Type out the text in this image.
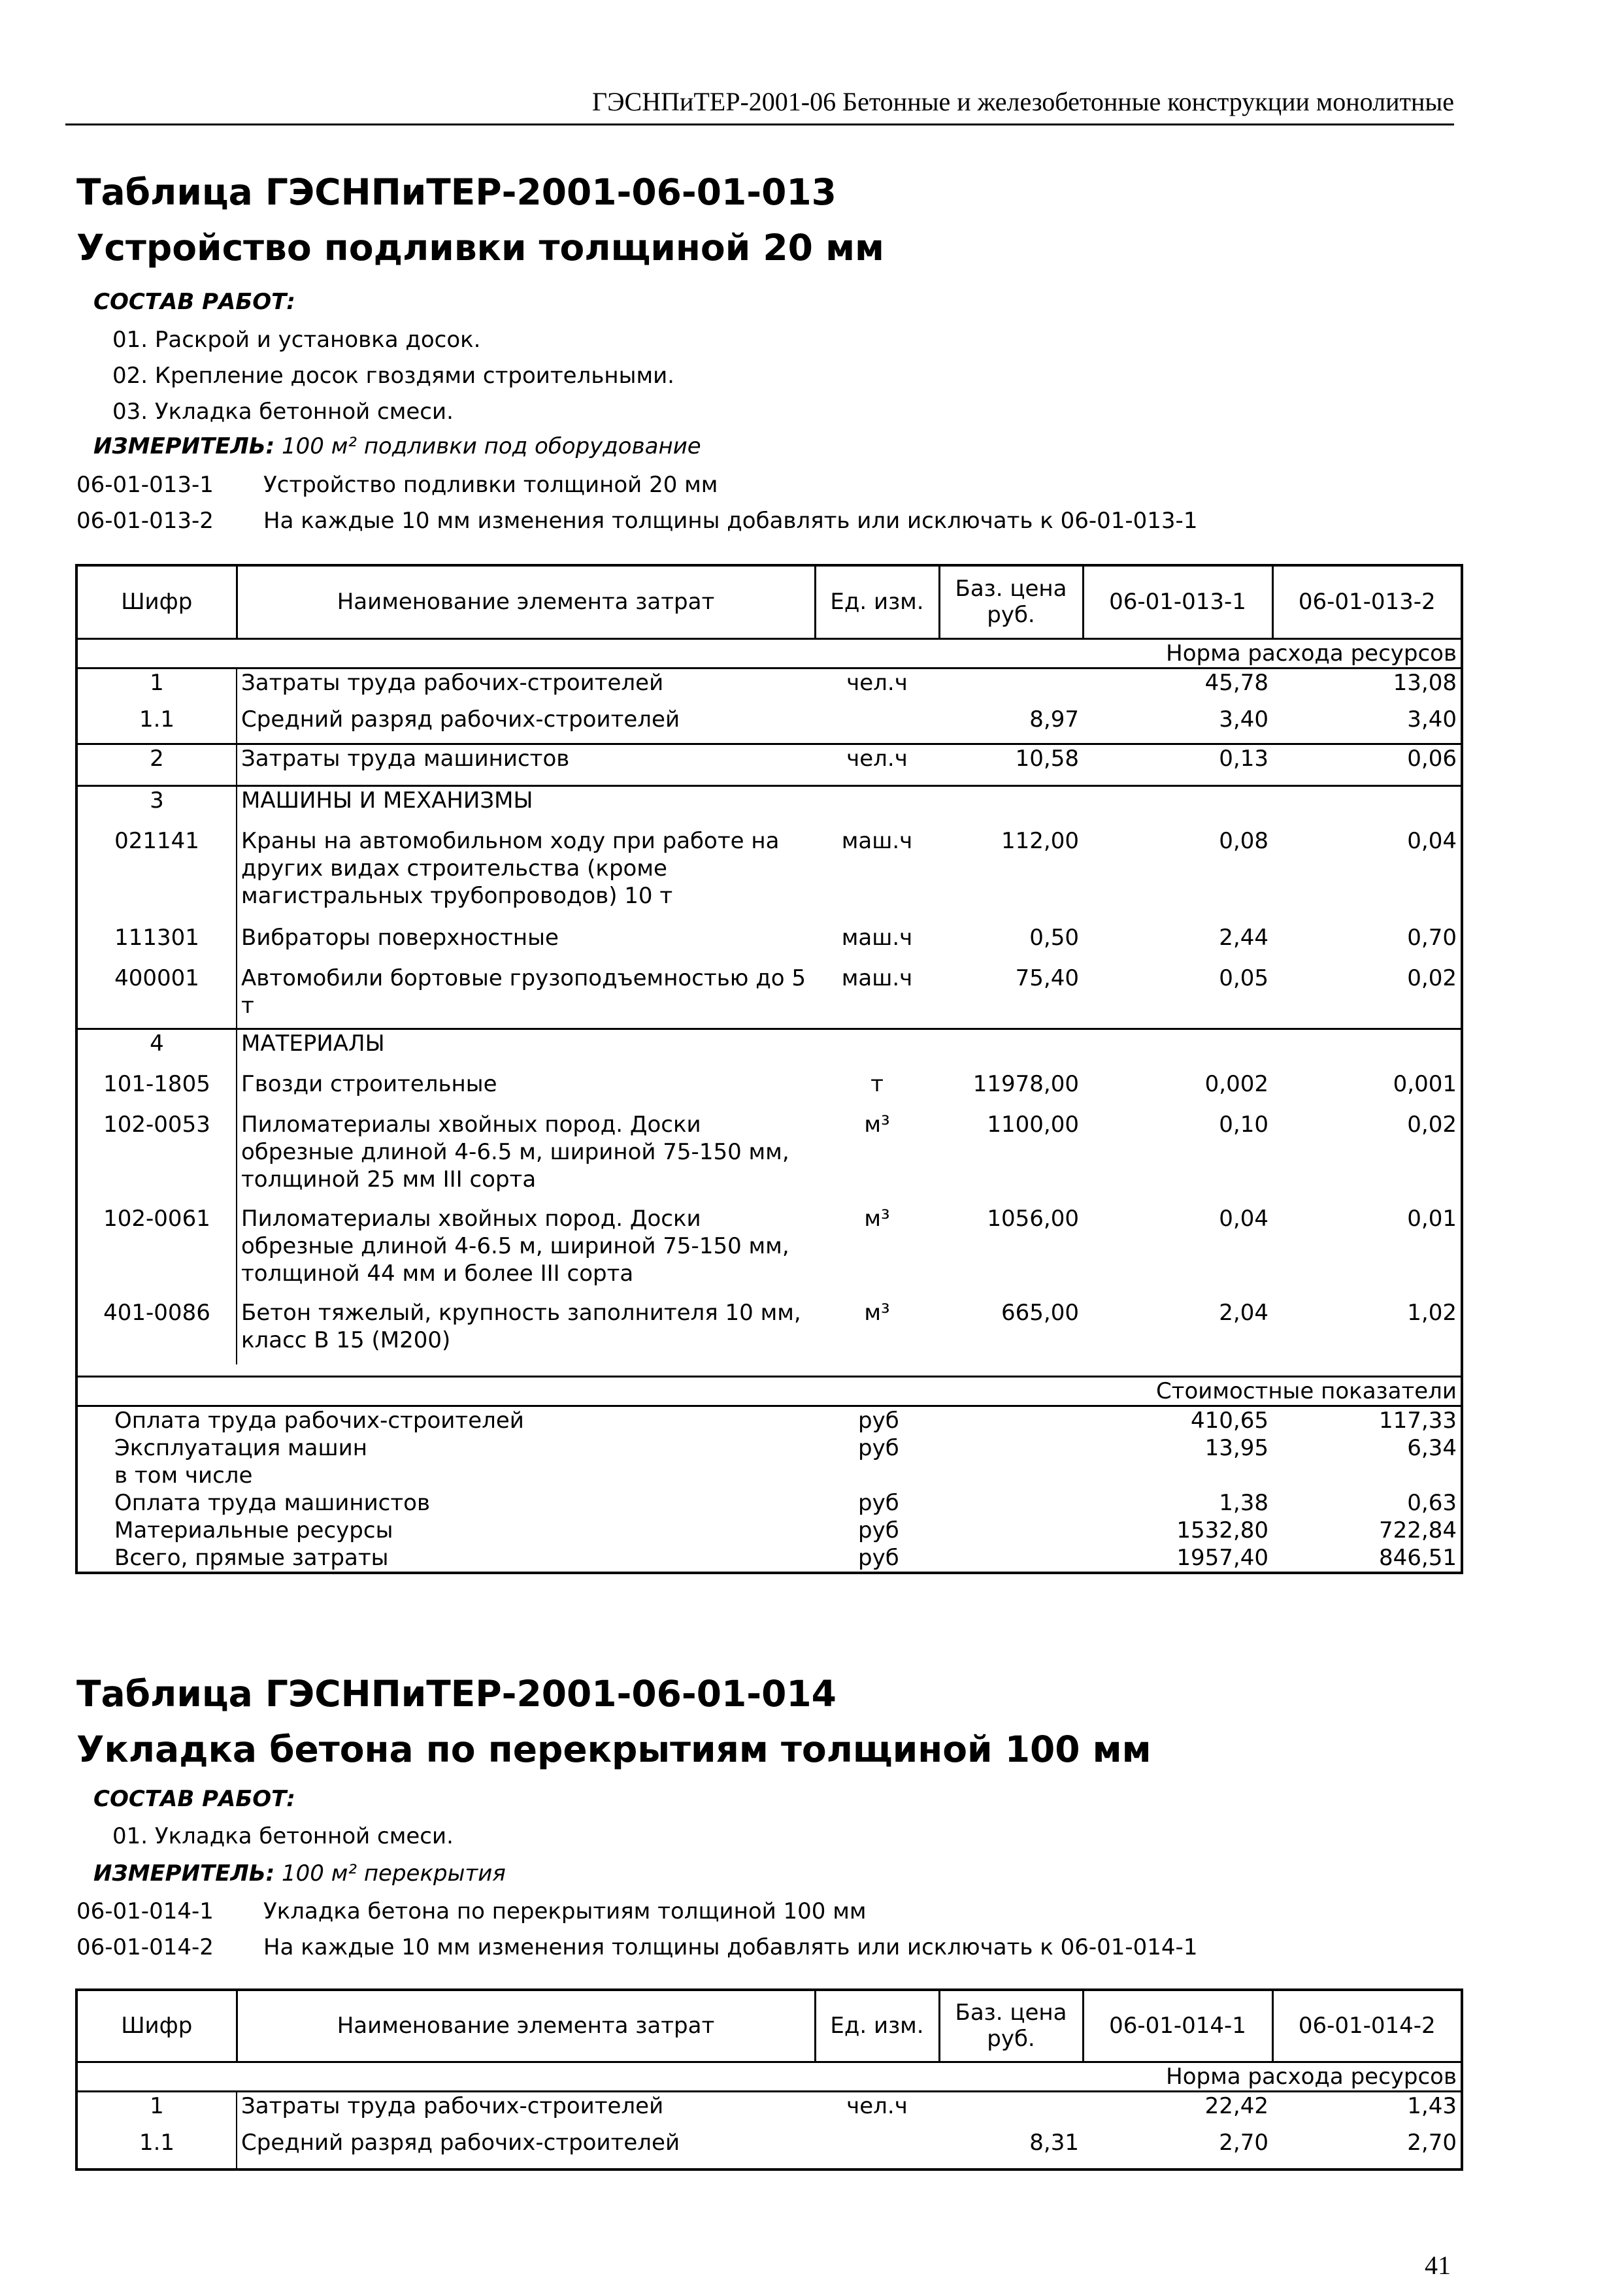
ГЭСНПиТЕР-2001-06 Бетонные и железобетонные конструкции монолитные
Таблица ГЭСНПиТЕР-2001-06-01-013
Устройство подливки толщиной 20 мм
СОСТАВ РАБОТ:
01. Раскрой и установка досок.
02. Крепление досок гвоздями строительными.
03. Укладка бетонной смеси.
ИЗМЕРИТЕЛЬ: 100 м² подливки под оборудование
06-01-013-1 Устройство подливки толщиной 20 мм
06-01-013-2 На каждые 10 мм изменения толщины добавлять или исключать к 06-01-013-1
Шифр	Наименование элемента затрат	Ед. изм.	Баз. цена руб.	06-01-013-1	06-01-013-2
Норма расхода ресурсов					
1	Затраты труда рабочих-строителей	чел.ч		45,78	13,08
1.1	Средний разряд рабочих-строителей		8,97	3,40	3,40
2	Затраты труда машинистов	чел.ч	10,58	0,13	0,06
3	МАШИНЫ И МЕХАНИЗМЫ				
021141	Краны на автомобильном ходу при работе на других видах строительства (кроме магистральных трубопроводов) 10 т	маш.ч	112,00	0,08	0,04
111301	Вибраторы поверхностные	маш.ч	0,50	2,44	0,70
400001	Автомобили бортовые грузоподъемностью до 5 т	маш.ч	75,40	0,05	0,02
4	МАТЕРИАЛЫ				
101-1805	Гвозди строительные	т	11978,00	0,002	0,001
102-0053	Пиломатериалы хвойных пород. Доски обрезные длиной 4-6.5 м, шириной 75-150 мм, толщиной 25 мм III сорта	м³	1100,00	0,10	0,02
102-0061	Пиломатериалы хвойных пород. Доски обрезные длиной 4-6.5 м, шириной 75-150 мм, толщиной 44 мм и более III сорта	м³	1056,00	0,04	0,01
401-0086	Бетон тяжелый, крупность заполнителя 10 мм, класс В 15 (М200)	м³	665,00	2,04	1,02

Стоимостные показатели					
Оплата труда рабочих-строителей		руб		410,65	117,33
Эксплуатация машин		руб		13,95	6,34
в том числе					
Оплата труда машинистов		руб		1,38	0,63
Материальные ресурсы		руб		1532,80	722,84
Всего, прямые затраты		руб		1957,40	846,51
Таблица ГЭСНПиТЕР-2001-06-01-014
Укладка бетона по перекрытиям толщиной 100 мм
СОСТАВ РАБОТ:
01. Укладка бетонной смеси.
ИЗМЕРИТЕЛЬ: 100 м² перекрытия
06-01-014-1 Укладка бетона по перекрытиям толщиной 100 мм
06-01-014-2 На каждые 10 мм изменения толщины добавлять или исключать к 06-01-014-1
Шифр	Наименование элемента затрат	Ед. изм.	Баз. цена руб.	06-01-014-1	06-01-014-2
Норма расхода ресурсов					
1	Затраты труда рабочих-строителей	чел.ч		22,42	1,43
1.1	Средний разряд рабочих-строителей		8,31	2,70	2,70
41
